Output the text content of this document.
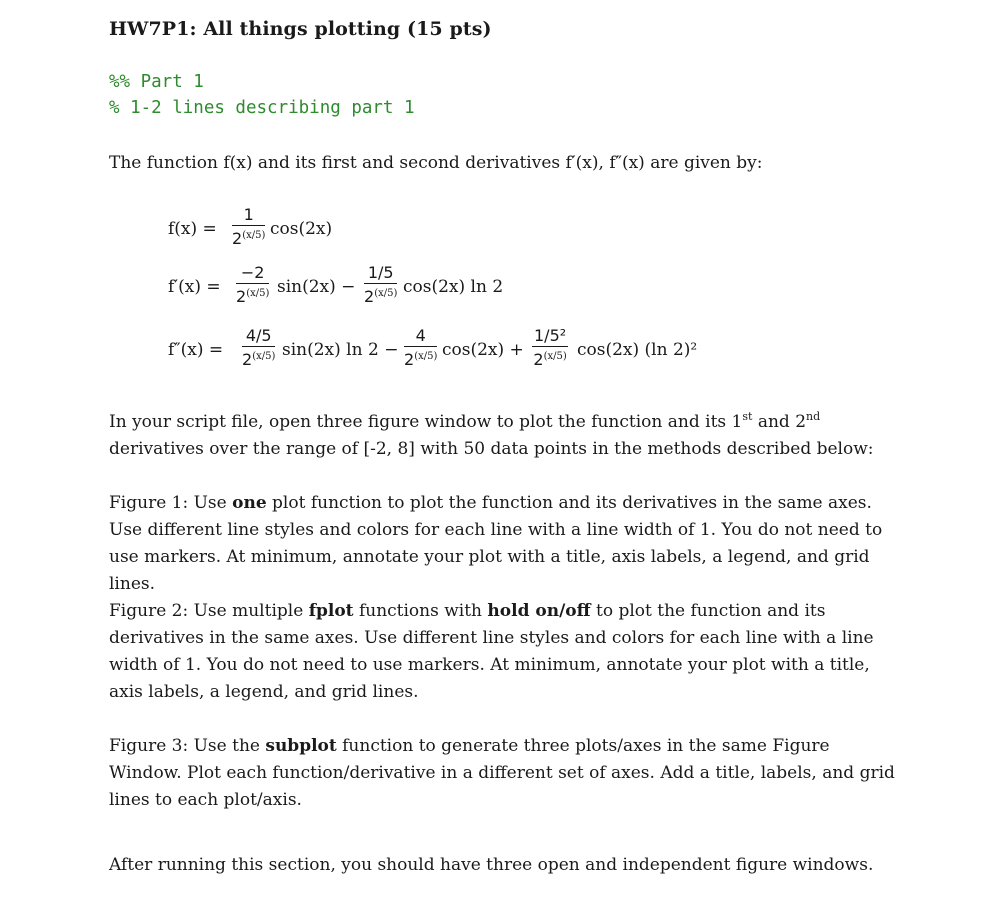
HW7P1: All things plotting (15 pts)
%% Part 1
% 1-2 lines describing part 1
The function f(x) and its first and second derivatives f′(x), f″(x) are given by:
f(x) =
1
2(x/5) cos(2x)
f′(x) =
−2
2(x/5) sin(2x) −
1/5
2(x/5) cos(2x) ln 2
f″(x) =
4/5
2(x/5) sin(2x) ln 2 −
4
2(x/5) cos(2x) +
1/5²
2(x/5) cos(2x) (ln 2)²
In your script file, open three figure window to plot the function and its 1st and 2nd
derivatives over the range of [-2, 8] with 50 data points in the methods described below:
Figure 1: Use one plot function to plot the function and its derivatives in the same axes. Use different line styles and colors for each line with a line width of 1. You do not need to use markers. At minimum, annotate your plot with a title, axis labels, a legend, and grid lines.
Figure 2: Use multiple fplot functions with hold on/off to plot the function and its derivatives in the same axes. Use different line styles and colors for each line with a line width of 1. You do not need to use markers. At minimum, annotate your plot with a title, axis labels, a legend, and grid lines.
Figure 3: Use the subplot function to generate three plots/axes in the same Figure Window. Plot each function/derivative in a different set of axes. Add a title, labels, and grid lines to each plot/axis.
After running this section, you should have three open and independent figure windows.
